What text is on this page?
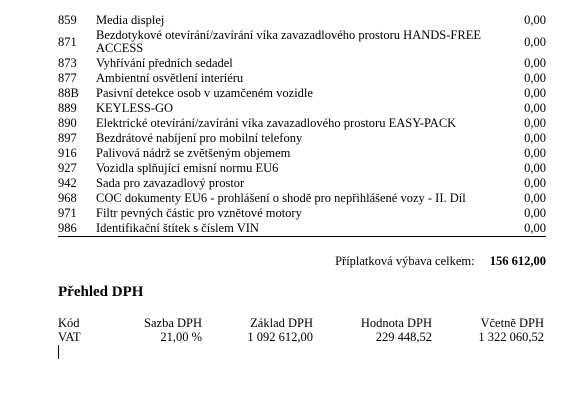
859	Media displej	0,00
871	Bezdotykové otevírání/zavírání víka zavazadlového prostoru HANDS-FREE ACCESS	0,00
873	Vyhřívání předních sedadel	0,00
877	Ambientní osvětlení interiéru	0,00
88B	Pasivní detekce osob v uzamčeném vozidle	0,00
889	KEYLESS-GO	0,00
890	Elektrické otevírání/zavírání víka zavazadlového prostoru EASY-PACK	0,00
897	Bezdrátové nabíjení pro mobilní telefony	0,00
916	Palivová nádrž se zvětšeným objemem	0,00
927	Vozidla splňující emisní normu EU6	0,00
942	Sada pro zavazadlový prostor	0,00
968	COC dokumenty EU6 - prohlášení o shodě pro nepřihlášené vozy - II. Díl	0,00
971	Filtr pevných částic pro vznětové motory	0,00
986	Identifikační štítek s číslem VIN	0,00
Příplatková výbava celkem: 156 612,00
Přehled DPH
Kód	Sazba DPH	Základ DPH	Hodnota DPH	Včetně DPH
VAT	21,00 %	1 092 612,00	229 448,52	1 322 060,52
